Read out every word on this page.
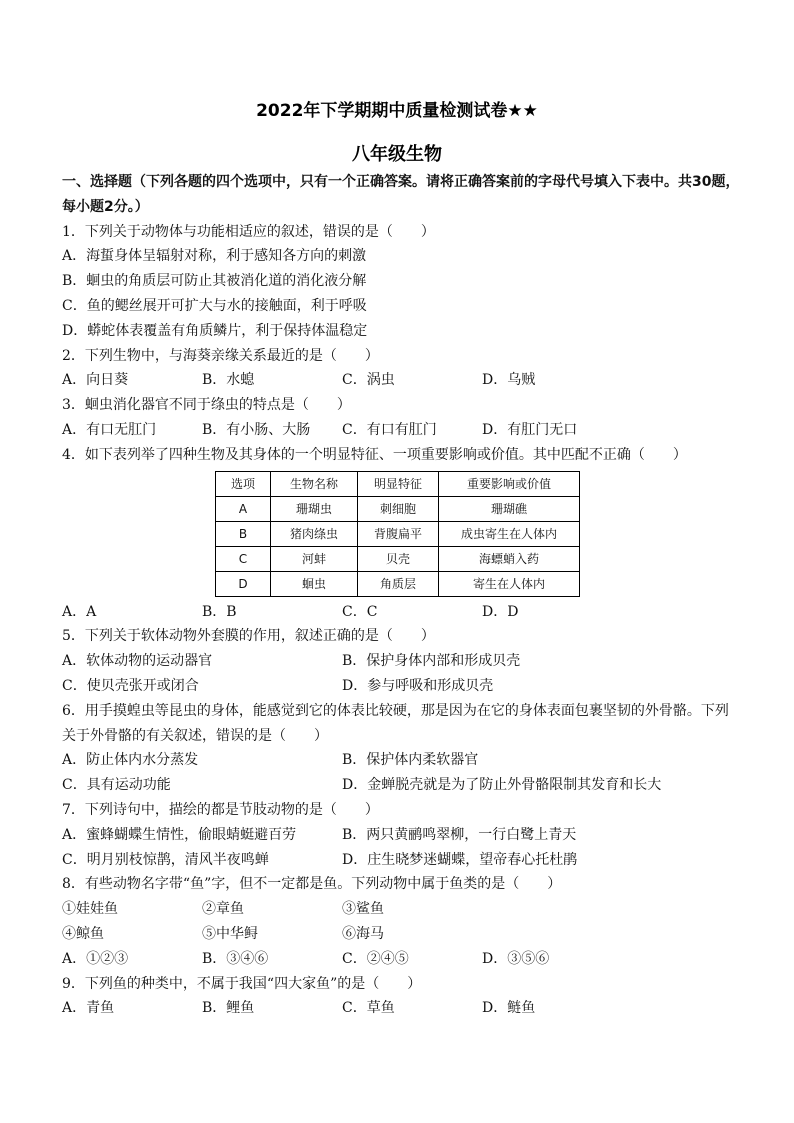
2022年下学期期中质量检测试卷★★
八年级生物
一、选择题（下列各题的四个选项中，只有一个正确答案。请将正确答案前的字母代号填入下表中。共30题，每小题2分。）
1．下列关于动物体与功能相适应的叙述，错误的是（　　）
A．海蜇身体呈辐射对称，利于感知各方向的刺激
B．蛔虫的角质层可防止其被消化道的消化液分解
C．鱼的鳃丝展开可扩大与水的接触面，利于呼吸
D．蟒蛇体表覆盖有角质鳞片，利于保持体温稳定
2．下列生物中，与海葵亲缘关系最近的是（　　）
A．向日葵	B．水螅	C．涡虫	D．乌贼
3．蛔虫消化器官不同于绦虫的特点是（　　）
A．有口无肛门	B．有小肠、大肠	C．有口有肛门	D．有肛门无口
4．如下表列举了四种生物及其身体的一个明显特征、一项重要影响或价值。其中匹配不正确（　　）
选项	生物名称	明显特征	重要影响或价值
A	珊瑚虫	刺细胞	珊瑚礁
B	猪肉绦虫	背腹扁平	成虫寄生在人体内
C	河蚌	贝壳	海螵蛸入药
D	蛔虫	角质层	寄生在人体内
A．A	B．B	C．C	D．D
5．下列关于软体动物外套膜的作用，叙述正确的是（　　）
A．软体动物的运动器官	B．保护身体内部和形成贝壳
C．使贝壳张开或闭合	D．参与呼吸和形成贝壳
6．用手摸蝗虫等昆虫的身体，能感觉到它的体表比较硬，那是因为在它的身体表面包裹坚韧的外骨骼。下列
关于外骨骼的有关叙述，错误的是（　　）
A．防止体内水分蒸发	B．保护体内柔软器官
C．具有运动功能	D．金蝉脱壳就是为了防止外骨骼限制其发育和长大
7．下列诗句中，描绘的都是节肢动物的是（　　）
A．蜜蜂蝴蝶生情性，偷眼蜻蜓避百劳	B．两只黄鹂鸣翠柳，一行白鹭上青天
C．明月别枝惊鹊，清风半夜鸣蝉	D．庄生晓梦迷蝴蝶，望帝春心托杜鹃
8．有些动物名字带“鱼”字，但不一定都是鱼。下列动物中属于鱼类的是（　　）
①娃娃鱼	②章鱼	③鲨鱼
④鲸鱼	⑤中华鲟	⑥海马
A．①②③	B．③④⑥	C．②④⑤	D．③⑤⑥
9．下列鱼的种类中，不属于我国“四大家鱼”的是（　　）
A．青鱼	B．鲤鱼	C．草鱼	D．鲢鱼
